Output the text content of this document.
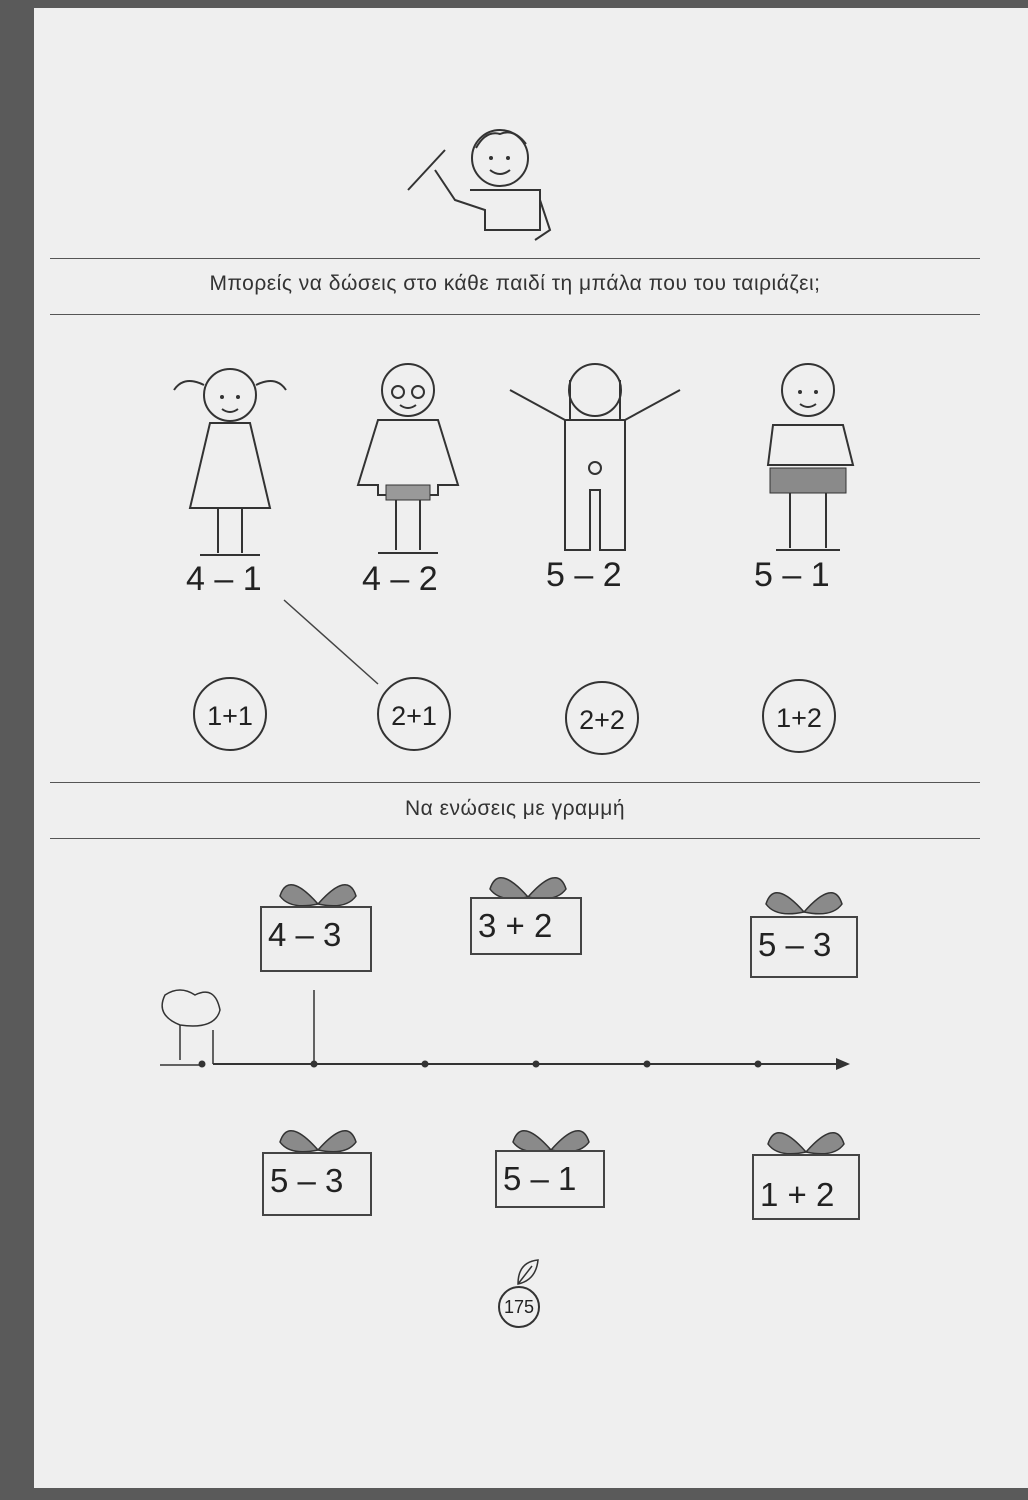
Μπορείς να δώσεις στο κάθε παιδί τη μπάλα που του ταιριάζει;
4 – 1	4 – 2	5 – 2	5 – 1
1+1	2+1	2+2	1+2
Να ενώσεις με γραμμή
4 – 3	3 + 2
5 – 3
5 – 3	5 – 1	1 + 2
175
